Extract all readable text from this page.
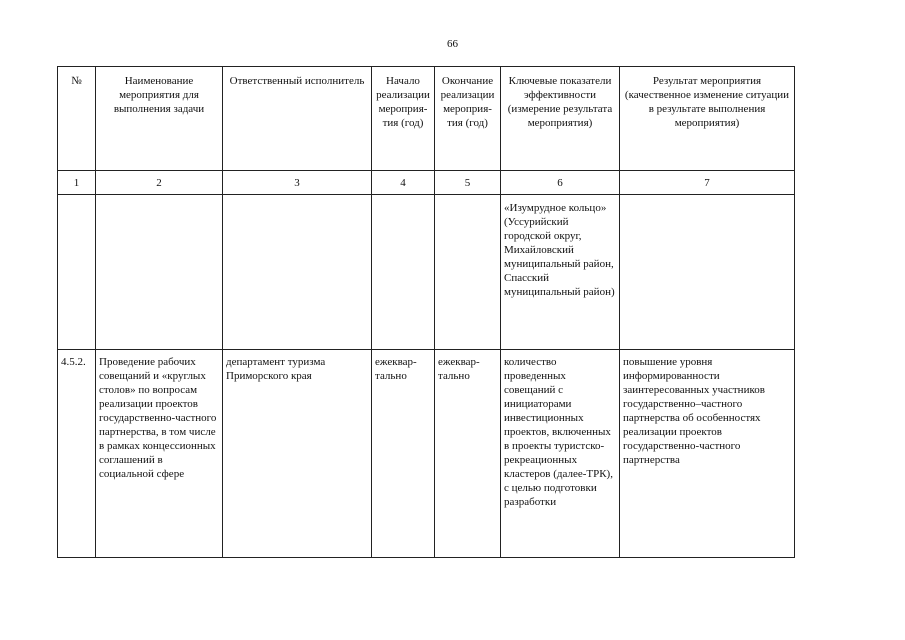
66
№	Наименование мероприятия для выполнения задачи	Ответственный исполнитель	Начало реализации мероприя-тия (год)	Окончание реализации мероприя-тия (год)	Ключевые показатели эффективности (измерение результата мероприятия)	Результат мероприятия (качественное изменение ситуации в результате выполнения мероприятия)
1	2	3	4	5	6	7
					«Изумрудное кольцо» (Уссурийский городской округ, Михайловский муниципальный район, Спасский муниципальный район)	
4.5.2.	Проведение рабочих совещаний и «круглых столов» по вопросам реализации проектов государственно-частного партнерства, в том числе в рамках концессионных соглашений в социальной сфере	департамент туризма Приморского края	ежеквар-тально	ежеквар-тально	количество проведенных совещаний с инициаторами инвестиционных проектов, включенных в проекты туристско-рекреационных кластеров (далее-ТРК), с целью подготовки разработки	повышение уровня информированности заинтересованных участников государственно–частного партнерства об особенностях реализации проектов государственно-частного партнерства
